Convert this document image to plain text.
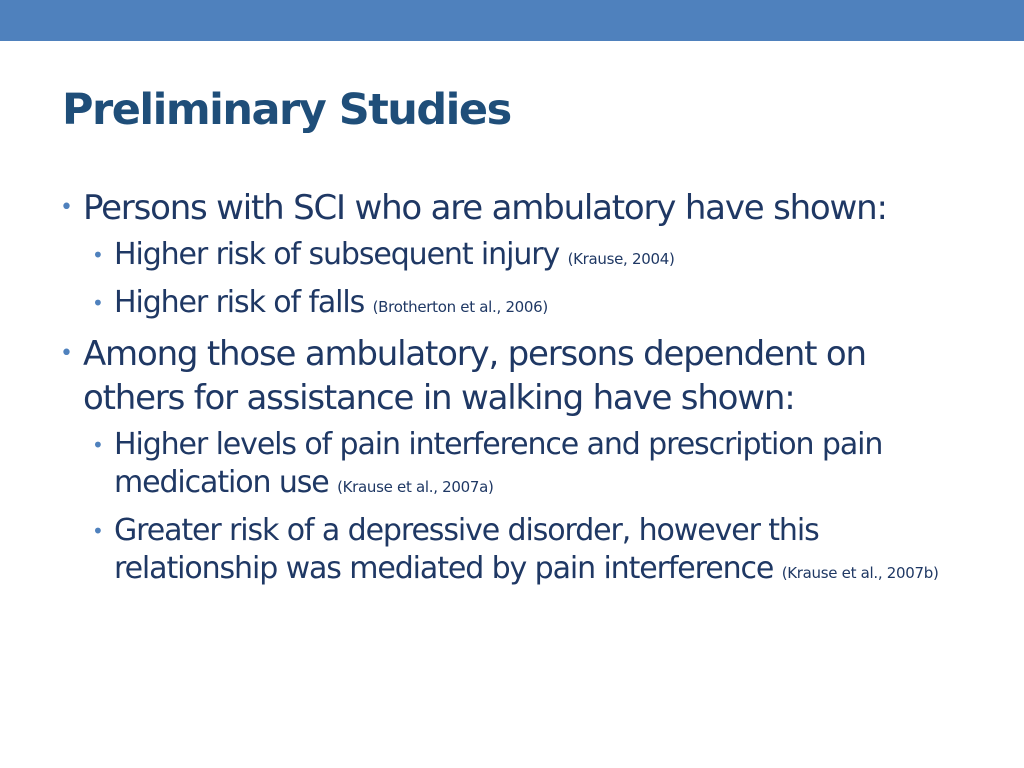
Preliminary Studies
• Persons with SCI who are ambulatory have shown:
• Higher risk of subsequent injury (Krause, 2004)
• Higher risk of falls (Brotherton et al., 2006)
• Among those ambulatory, persons dependent on others for assistance in walking have shown:
• Higher levels of pain interference and prescription pain medication use (Krause et al., 2007a)
• Greater risk of a depressive disorder, however this relationship was mediated by pain interference (Krause et al., 2007b)
